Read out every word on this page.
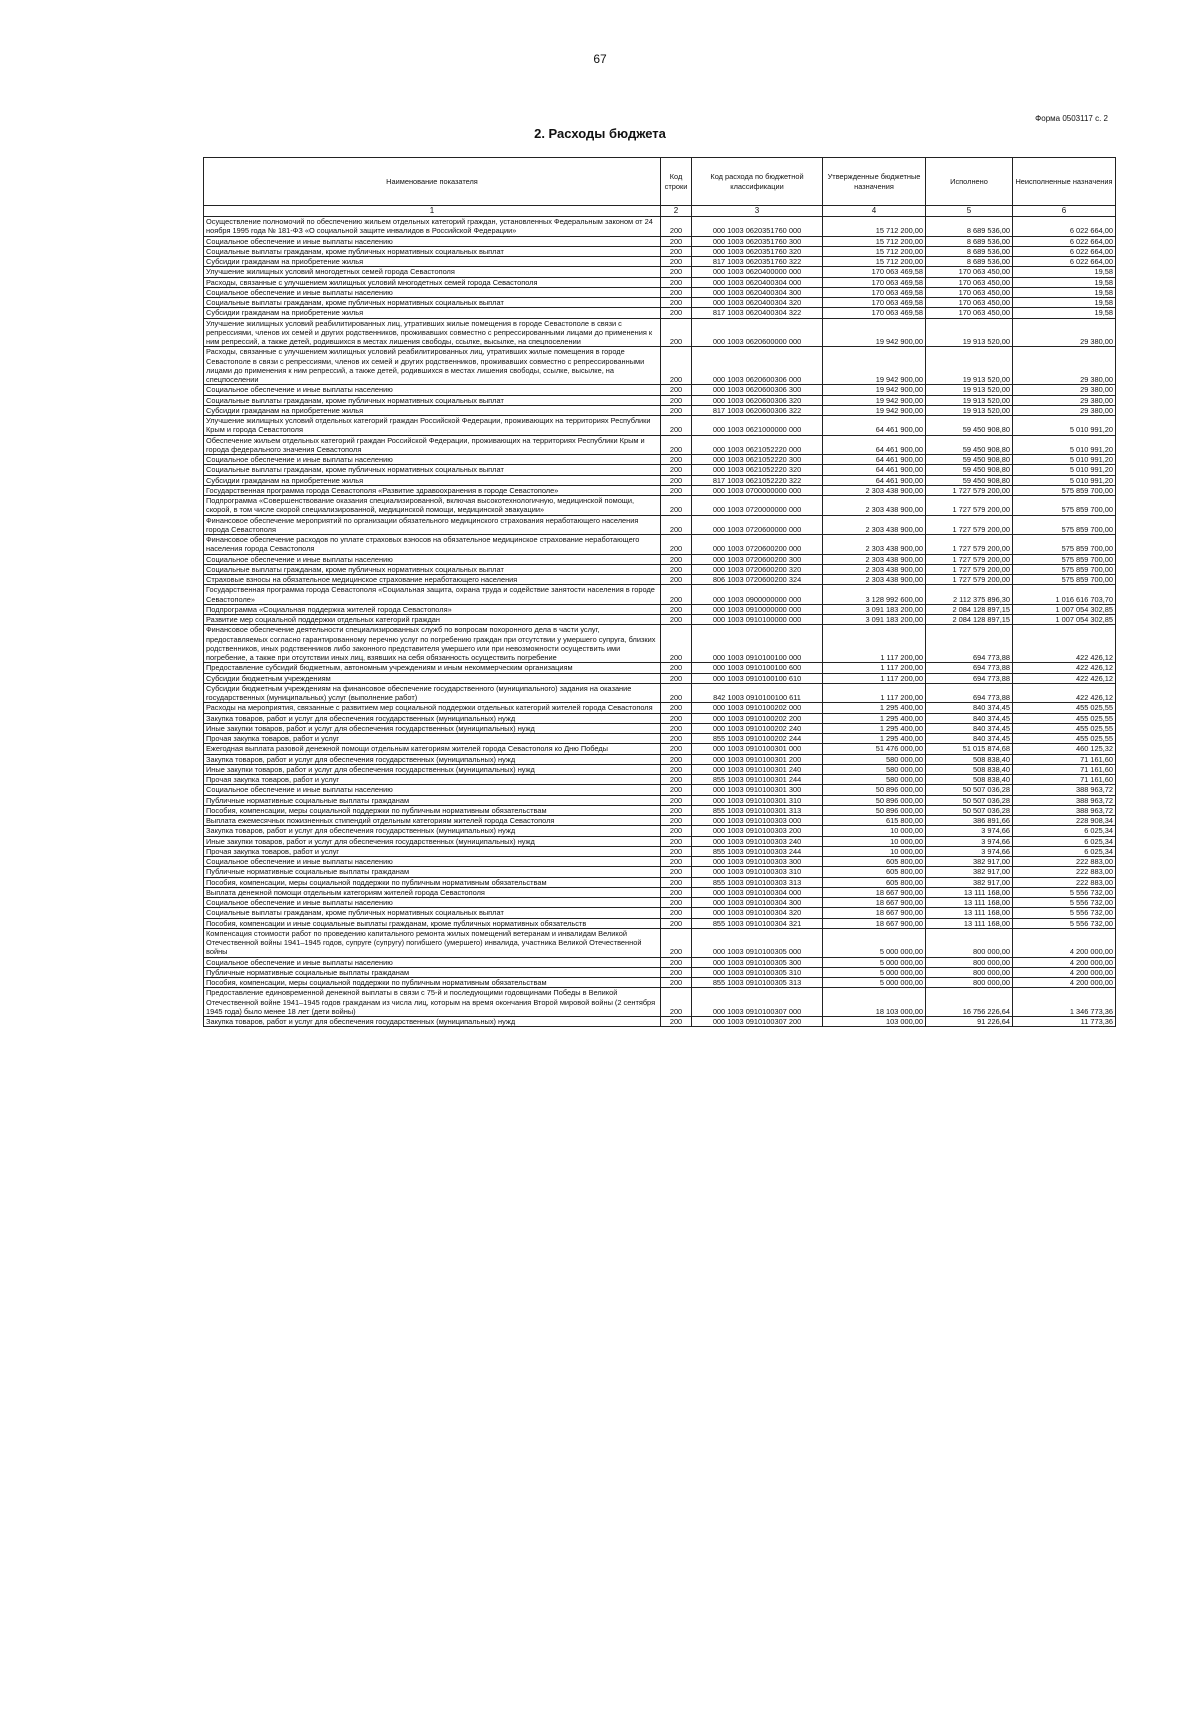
67
Форма 0503117 с. 2
2. Расходы бюджета
Наименование показателя	Код строки	Код расхода по бюджетной классификации	Утвержденные бюджетные назначения	Исполнено	Неисполненные назначения
1	2	3	4	5	6
Осуществление полномочий по обеспечению жильем отдельных категорий граждан, установленных Федеральным законом от 24 ноября 1995 года № 181-ФЗ «О социальной защите инвалидов в Российской Федерации»	200	000 1003 0620351760 000	15 712 200,00	8 689 536,00	6 022 664,00
Социальное обеспечение и иные выплаты населению	200	000 1003 0620351760 300	15 712 200,00	8 689 536,00	6 022 664,00
Социальные выплаты гражданам, кроме публичных нормативных социальных выплат	200	000 1003 0620351760 320	15 712 200,00	8 689 536,00	6 022 664,00
Субсидии гражданам на приобретение жилья	200	817 1003 0620351760 322	15 712 200,00	8 689 536,00	6 022 664,00
Улучшение жилищных условий многодетных семей города Севастополя	200	000 1003 0620400000 000	170 063 469,58	170 063 450,00	19,58
Расходы, связанные с улучшением жилищных условий многодетных семей города Севастополя	200	000 1003 0620400304 000	170 063 469,58	170 063 450,00	19,58
Социальное обеспечение и иные выплаты населению	200	000 1003 0620400304 300	170 063 469,58	170 063 450,00	19,58
Социальные выплаты гражданам, кроме публичных нормативных социальных выплат	200	000 1003 0620400304 320	170 063 469,58	170 063 450,00	19,58
Субсидии гражданам на приобретение жилья	200	817 1003 0620400304 322	170 063 469,58	170 063 450,00	19,58
Улучшение жилищных условий реабилитированных лиц, утративших жилые помещения в городе Севастополе в связи с репрессиями, членов их семей и других родственников, проживавших совместно с репрессированными лицами до применения к ним репрессий, а также детей, родившихся в местах лишения свободы, ссылке, высылке, на спецпоселении	200	000 1003 0620600000 000	19 942 900,00	19 913 520,00	29 380,00
Расходы, связанные с улучшением жилищных условий реабилитированных лиц, утративших жилые помещения в городе Севастополе в связи с репрессиями, членов их семей и других родственников, проживавших совместно с репрессированными лицами до применения к ним репрессий, а также детей, родившихся в местах лишения свободы, ссылке, высылке, на спецпоселении	200	000 1003 0620600306 000	19 942 900,00	19 913 520,00	29 380,00
Социальное обеспечение и иные выплаты населению	200	000 1003 0620600306 300	19 942 900,00	19 913 520,00	29 380,00
Социальные выплаты гражданам, кроме публичных нормативных социальных выплат	200	000 1003 0620600306 320	19 942 900,00	19 913 520,00	29 380,00
Субсидии гражданам на приобретение жилья	200	817 1003 0620600306 322	19 942 900,00	19 913 520,00	29 380,00
Улучшение жилищных условий отдельных категорий граждан Российской Федерации, проживающих на территориях Республики Крым и города Севастополя	200	000 1003 0621000000 000	64 461 900,00	59 450 908,80	5 010 991,20
Обеспечение жильем отдельных категорий граждан Российской Федерации, проживающих на территориях Республики Крым и города федерального значения Севастополя	200	000 1003 0621052220 000	64 461 900,00	59 450 908,80	5 010 991,20
Социальное обеспечение и иные выплаты населению	200	000 1003 0621052220 300	64 461 900,00	59 450 908,80	5 010 991,20
Социальные выплаты гражданам, кроме публичных нормативных социальных выплат	200	000 1003 0621052220 320	64 461 900,00	59 450 908,80	5 010 991,20
Субсидии гражданам на приобретение жилья	200	817 1003 0621052220 322	64 461 900,00	59 450 908,80	5 010 991,20
Государственная программа города Севастополя «Развитие здравоохранения в городе Севастополе»	200	000 1003 0700000000 000	2 303 438 900,00	1 727 579 200,00	575 859 700,00
Подпрограмма «Совершенствование оказания специализированной, включая высокотехнологичную, медицинской помощи, скорой, в том числе скорой специализированной, медицинской помощи, медицинской эвакуации»	200	000 1003 0720000000 000	2 303 438 900,00	1 727 579 200,00	575 859 700,00
Финансовое обеспечение мероприятий по организации обязательного медицинского страхования неработающего населения города Севастополя	200	000 1003 0720600000 000	2 303 438 900,00	1 727 579 200,00	575 859 700,00
Финансовое обеспечение расходов по уплате страховых взносов на обязательное медицинское страхование неработающего населения города Севастополя	200	000 1003 0720600200 000	2 303 438 900,00	1 727 579 200,00	575 859 700,00
Социальное обеспечение и иные выплаты населению	200	000 1003 0720600200 300	2 303 438 900,00	1 727 579 200,00	575 859 700,00
Социальные выплаты гражданам, кроме публичных нормативных социальных выплат	200	000 1003 0720600200 320	2 303 438 900,00	1 727 579 200,00	575 859 700,00
Страховые взносы на обязательное медицинское страхование неработающего населения	200	806 1003 0720600200 324	2 303 438 900,00	1 727 579 200,00	575 859 700,00
Государственная программа города Севастополя «Социальная защита, охрана труда и содействие занятости населения в городе Севастополе»	200	000 1003 0900000000 000	3 128 992 600,00	2 112 375 896,30	1 016 616 703,70
Подпрограмма «Социальная поддержка жителей города Севастополя»	200	000 1003 0910000000 000	3 091 183 200,00	2 084 128 897,15	1 007 054 302,85
Развитие мер социальной поддержки отдельных категорий граждан	200	000 1003 0910100000 000	3 091 183 200,00	2 084 128 897,15	1 007 054 302,85
Финансовое обеспечение деятельности специализированных служб по вопросам похоронного дела в части услуг, предоставляемых согласно гарантированному перечню услуг по погребению граждан при отсутствии у умершего супруга, близких родственников, иных родственников либо законного представителя умершего или при невозможности осуществить ими погребение, а также при отсутствии иных лиц, взявших на себя обязанность осуществить погребение	200	000 1003 0910100100 000	1 117 200,00	694 773,88	422 426,12
Предоставление субсидий бюджетным, автономным учреждениям и иным некоммерческим организациям	200	000 1003 0910100100 600	1 117 200,00	694 773,88	422 426,12
Субсидии бюджетным учреждениям	200	000 1003 0910100100 610	1 117 200,00	694 773,88	422 426,12
Субсидии бюджетным учреждениям на финансовое обеспечение государственного (муниципального) задания на оказание государственных (муниципальных) услуг (выполнение работ)	200	842 1003 0910100100 611	1 117 200,00	694 773,88	422 426,12
Расходы на мероприятия, связанные с развитием мер социальной поддержки отдельных категорий жителей города Севастополя	200	000 1003 0910100202 000	1 295 400,00	840 374,45	455 025,55
Закупка товаров, работ и услуг для обеспечения государственных (муниципальных) нужд	200	000 1003 0910100202 200	1 295 400,00	840 374,45	455 025,55
Иные закупки товаров, работ и услуг для обеспечения государственных (муниципальных) нужд	200	000 1003 0910100202 240	1 295 400,00	840 374,45	455 025,55
Прочая закупка товаров, работ и услуг	200	855 1003 0910100202 244	1 295 400,00	840 374,45	455 025,55
Ежегодная выплата разовой денежной помощи отдельным категориям жителей города Севастополя ко Дню Победы	200	000 1003 0910100301 000	51 476 000,00	51 015 874,68	460 125,32
Закупка товаров, работ и услуг для обеспечения государственных (муниципальных) нужд	200	000 1003 0910100301 200	580 000,00	508 838,40	71 161,60
Иные закупки товаров, работ и услуг для обеспечения государственных (муниципальных) нужд	200	000 1003 0910100301 240	580 000,00	508 838,40	71 161,60
Прочая закупка товаров, работ и услуг	200	855 1003 0910100301 244	580 000,00	508 838,40	71 161,60
Социальное обеспечение и иные выплаты населению	200	000 1003 0910100301 300	50 896 000,00	50 507 036,28	388 963,72
Публичные нормативные социальные выплаты гражданам	200	000 1003 0910100301 310	50 896 000,00	50 507 036,28	388 963,72
Пособия, компенсации, меры социальной поддержки по публичным нормативным обязательствам	200	855 1003 0910100301 313	50 896 000,00	50 507 036,28	388 963,72
Выплата ежемесячных пожизненных стипендий отдельным категориям жителей города Севастополя	200	000 1003 0910100303 000	615 800,00	386 891,66	228 908,34
Закупка товаров, работ и услуг для обеспечения государственных (муниципальных) нужд	200	000 1003 0910100303 200	10 000,00	3 974,66	6 025,34
Иные закупки товаров, работ и услуг для обеспечения государственных (муниципальных) нужд	200	000 1003 0910100303 240	10 000,00	3 974,66	6 025,34
Прочая закупка товаров, работ и услуг	200	855 1003 0910100303 244	10 000,00	3 974,66	6 025,34
Социальное обеспечение и иные выплаты населению	200	000 1003 0910100303 300	605 800,00	382 917,00	222 883,00
Публичные нормативные социальные выплаты гражданам	200	000 1003 0910100303 310	605 800,00	382 917,00	222 883,00
Пособия, компенсации, меры социальной поддержки по публичным нормативным обязательствам	200	855 1003 0910100303 313	605 800,00	382 917,00	222 883,00
Выплата денежной помощи отдельным категориям жителей города Севастополя	200	000 1003 0910100304 000	18 667 900,00	13 111 168,00	5 556 732,00
Социальное обеспечение и иные выплаты населению	200	000 1003 0910100304 300	18 667 900,00	13 111 168,00	5 556 732,00
Социальные выплаты гражданам, кроме публичных нормативных социальных выплат	200	000 1003 0910100304 320	18 667 900,00	13 111 168,00	5 556 732,00
Пособия, компенсации и иные социальные выплаты гражданам, кроме публичных нормативных обязательств	200	855 1003 0910100304 321	18 667 900,00	13 111 168,00	5 556 732,00
Компенсация стоимости работ по проведению капитального ремонта жилых помещений ветеранам и инвалидам Великой Отечественной войны 1941–1945 годов, супруге (супругу) погибшего (умершего) инвалида, участника Великой Отечественной войны	200	000 1003 0910100305 000	5 000 000,00	800 000,00	4 200 000,00
Социальное обеспечение и иные выплаты населению	200	000 1003 0910100305 300	5 000 000,00	800 000,00	4 200 000,00
Публичные нормативные социальные выплаты гражданам	200	000 1003 0910100305 310	5 000 000,00	800 000,00	4 200 000,00
Пособия, компенсации, меры социальной поддержки по публичным нормативным обязательствам	200	855 1003 0910100305 313	5 000 000,00	800 000,00	4 200 000,00
Предоставление единовременной денежной выплаты в связи с 75-й и последующими годовщинами Победы в Великой Отечественной войне 1941–1945 годов гражданам из числа лиц, которым на время окончания Второй мировой войны (2 сентября 1945 года) было менее 18 лет (дети войны)	200	000 1003 0910100307 000	18 103 000,00	16 756 226,64	1 346 773,36
Закупка товаров, работ и услуг для обеспечения государственных (муниципальных) нужд	200	000 1003 0910100307 200	103 000,00	91 226,64	11 773,36
